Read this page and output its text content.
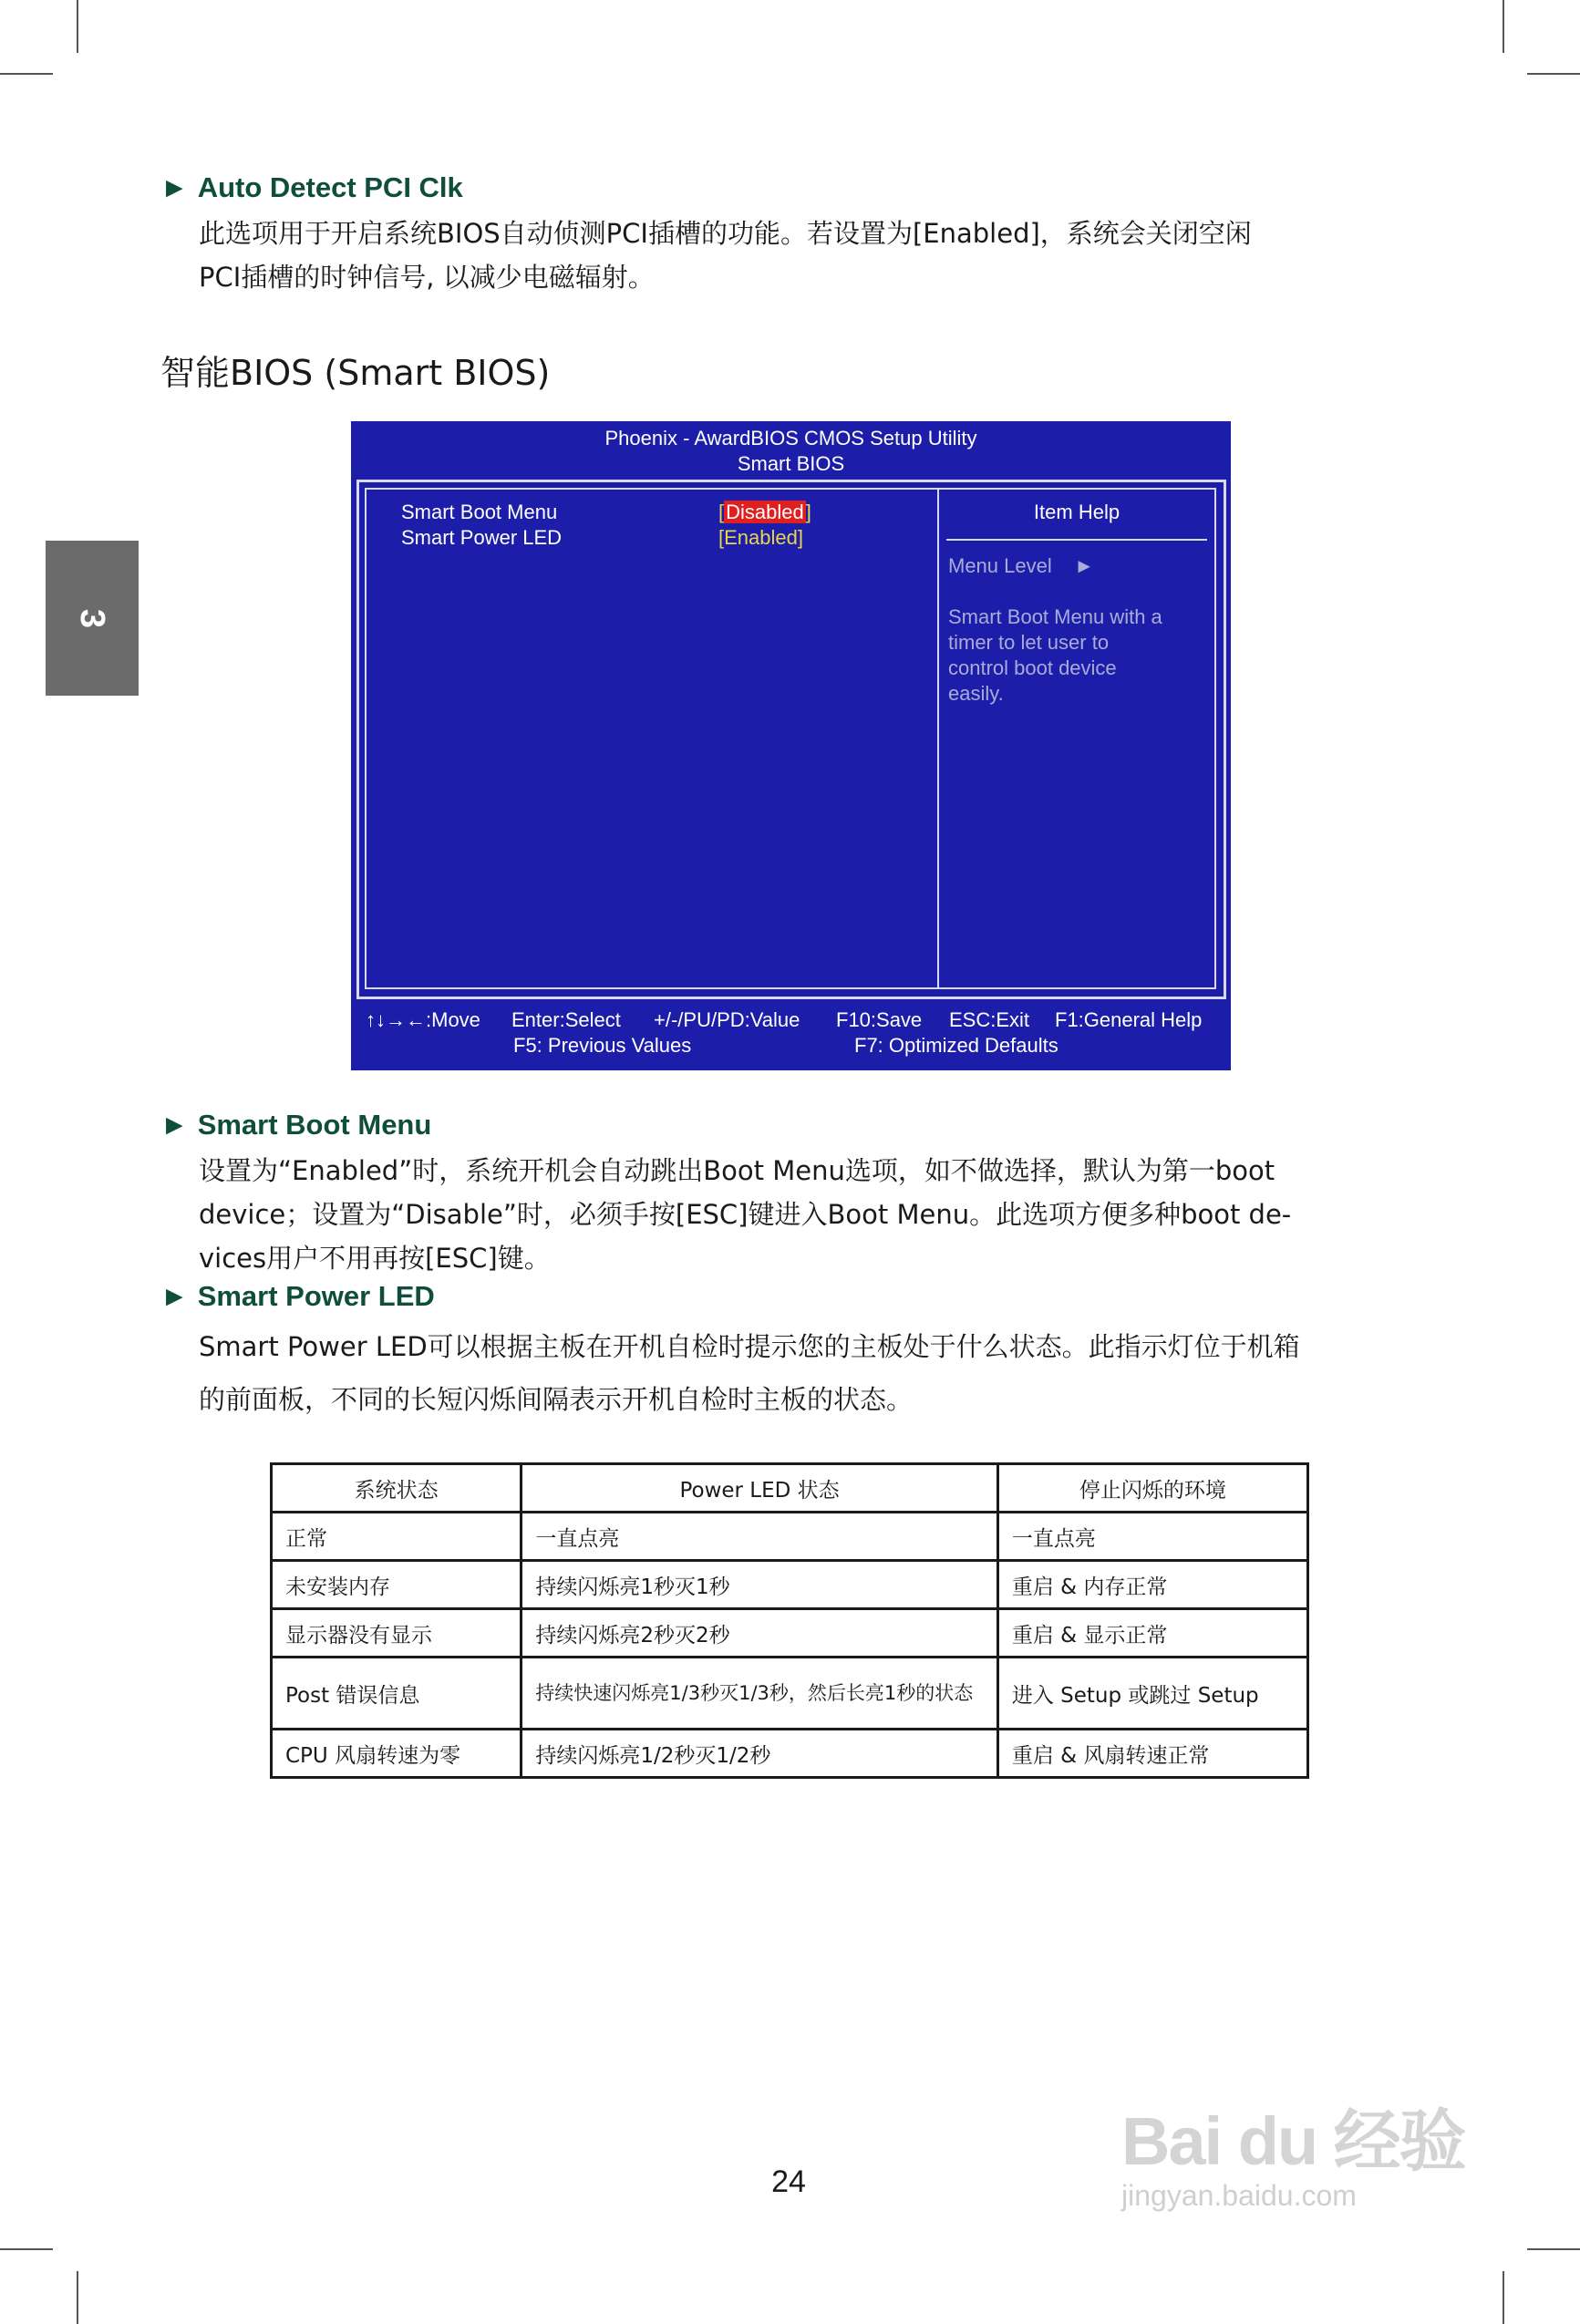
3
► Auto Detect PCI Clk
此选项用于开启系统BIOS自动侦测PCI插槽的功能。若设置为[Enabled]，系统会关闭空闲
PCI插槽的时钟信号, 以减少电磁辐射。
智能BIOS (Smart BIOS)
Phoenix - AwardBIOS CMOS Setup Utility
Smart BIOS
Smart Boot Menu	[Disabled]
Smart Power LED	[Enabled]
Item Help
Menu Level ►
Smart Boot Menu with a
timer to let user to
control boot device
easily.
↑↓→←:Move Enter:Select +/-/PU/PD:Value F10:Save ESC:Exit F1:General Help
F5: Previous Values	F7: Optimized Defaults
► Smart Boot Menu
设置为“Enabled”时，系统开机会自动跳出Boot Menu选项，如不做选择，默认为第一boot
device；设置为“Disable”时，必须手按[ESC]键进入Boot Menu。此选项方便多种boot de-
vices用户不用再按[ESC]键。
► Smart Power LED
Smart Power LED可以根据主板在开机自检时提示您的主板处于什么状态。此指示灯位于机箱
的前面板，不同的长短闪烁间隔表示开机自检时主板的状态。
系统状态	Power LED 状态	停止闪烁的环境
正常	一直点亮	一直点亮
未安装内存	持续闪烁亮1秒灭1秒	重启 & 内存正常
显示器没有显示	持续闪烁亮2秒灭2秒	重启 & 显示正常
Post 错误信息	持续快速闪烁亮1/3秒灭1/3秒，然后长亮1秒的状态	进入 Setup 或跳过 Setup
CPU 风扇转速为零	持续闪烁亮1/2秒灭1/2秒	重启 & 风扇转速正常
24
Bai du 经验
jingyan.baidu.com
